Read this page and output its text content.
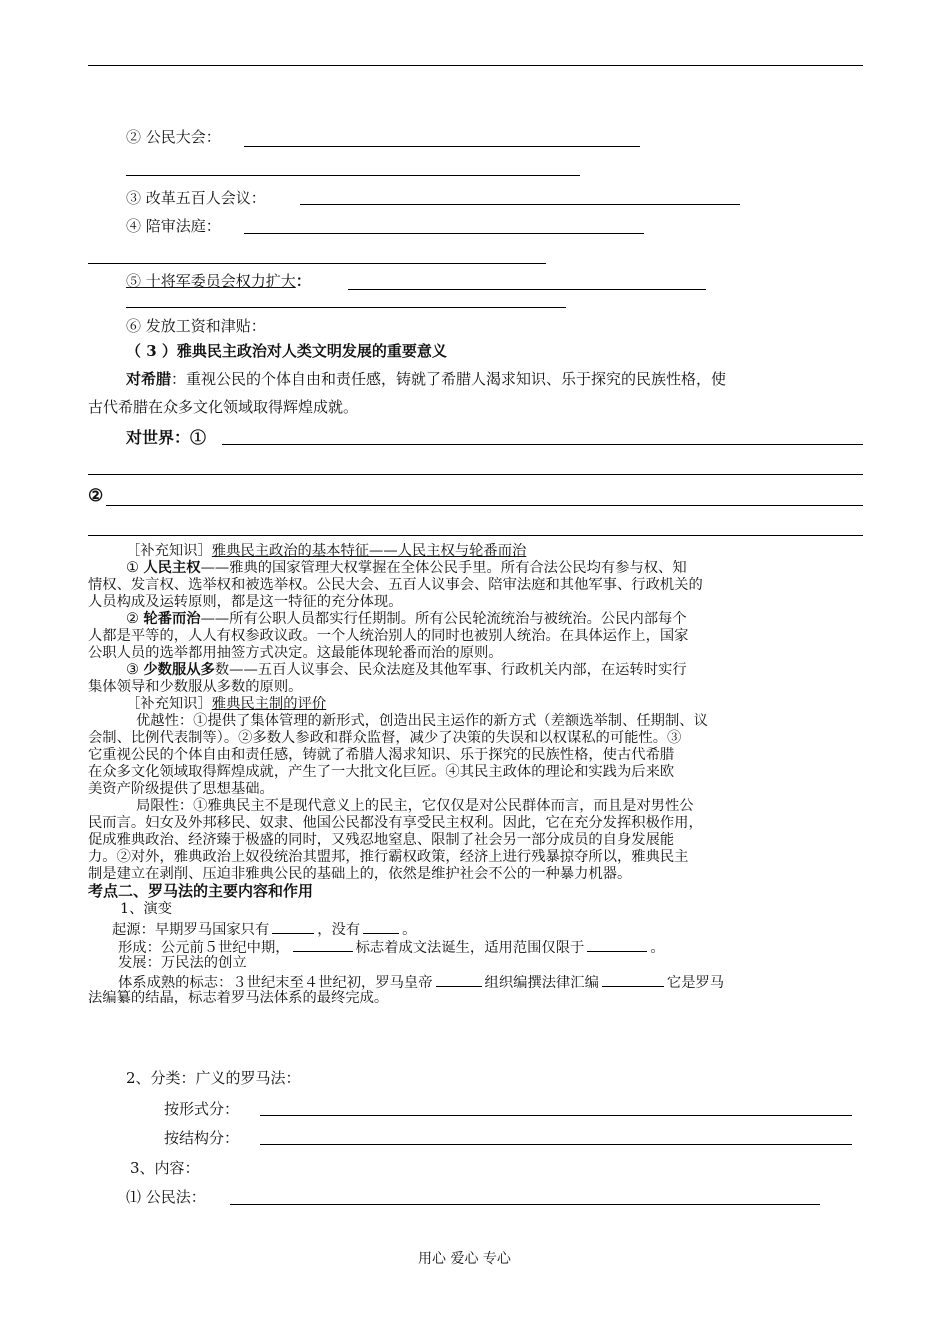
② 公民大会：
③ 改革五百人会议：
④ 陪审法庭：
⑤ 十将军委员会权力扩大：
⑥ 发放工资和津贴：
（ 3 ）雅典民主政治对人类文明发展的重要意义
对希腊：重视公民的个体自由和责任感，铸就了希腊人渴求知识、乐于探究的民族性格，使
古代希腊在众多文化领域取得辉煌成就。
对世界：①
②
［补充知识］雅典民主政治的基本特征——人民主权与轮番而治
① 人民主权——雅典的国家管理大权掌握在全体公民手里。所有合法公民均有参与权、知
情权、发言权、选举权和被选举权。公民大会、五百人议事会、陪审法庭和其他军事、行政机关的
人员构成及运转原则，都是这一特征的充分体现。
② 轮番而治——所有公职人员都实行任期制。所有公民轮流统治与被统治。公民内部每个
人都是平等的，人人有权参政议政。一个人统治别人的同时也被别人统治。在具体运作上，国家
公职人员的选举都用抽签方式决定。这最能体现轮番而治的原则。
③ 少数服从多数——五百人议事会、民众法庭及其他军事、行政机关内部，在运转时实行
集体领导和少数服从多数的原则。
［补充知识］雅典民主制的评价
优越性：①提供了集体管理的新形式，创造出民主运作的新方式（差额选举制、任期制、议
会制、比例代表制等）。②多数人参政和群众监督，减少了决策的失误和以权谋私的可能性。③
它重视公民的个体自由和责任感，铸就了希腊人渴求知识、乐于探究的民族性格，使古代希腊
在众多文化领域取得辉煌成就，产生了一大批文化巨匠。④其民主政体的理论和实践为后来欧
美资产阶级提供了思想基础。
局限性：①雅典民主不是现代意义上的民主，它仅仅是对公民群体而言，而且是对男性公
民而言。妇女及外邦移民、奴隶、他国公民都没有享受民主权利。因此，它在充分发挥积极作用，
促成雅典政治、经济臻于极盛的同时，又残忍地窒息、限制了社会另一部分成员的自身发展能
力。②对外，雅典政治上奴役统治其盟邦，推行霸权政策，经济上进行残暴掠夺所以，雅典民主
制是建立在剥削、压迫非雅典公民的基础上的，依然是维护社会不公的一种暴力机器。
考点二、罗马法的主要内容和作用
1、演变
起源：早期罗马国家只有	，没有	。
形成：公元前５世纪中期，	标志着成文法诞生，适用范围仅限于	。
发展：万民法的创立
体系成熟的标志：３世纪末至４世纪初，罗马皇帝	组织编撰法律汇编	它是罗马
法编纂的结晶，标志着罗马法体系的最终完成。
2、分类：广义的罗马法：
按形式分：
按结构分：
3、内容：
⑴ 公民法：
用心 爱心 专心
